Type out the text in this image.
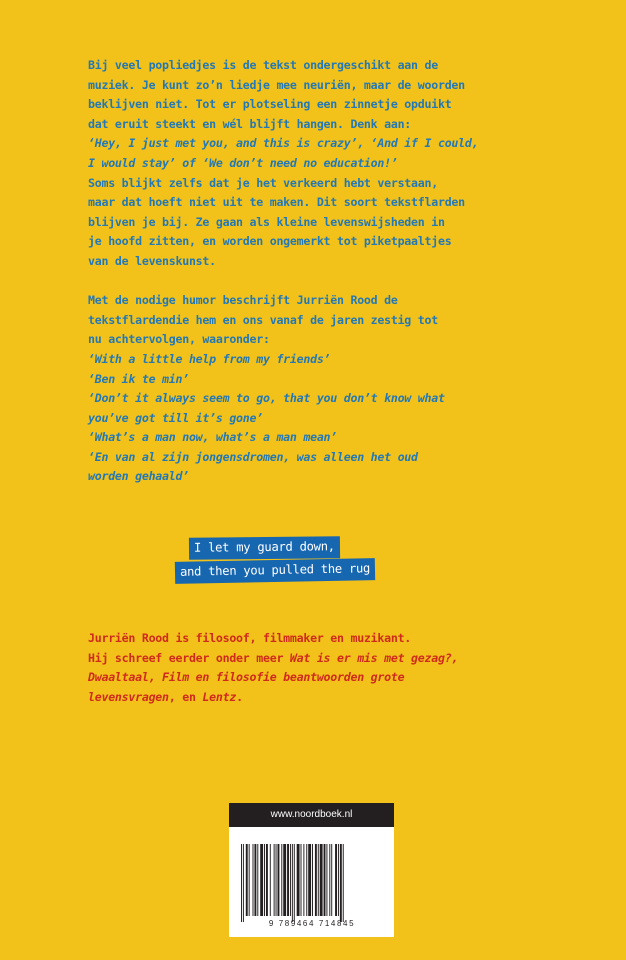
Bij veel popliedjes is de tekst ondergeschikt aan de
muziek. Je kunt zo’n liedje mee neuriën, maar de woorden
beklijven niet. Tot er plotseling een zinnetje opduikt
dat eruit steekt en wél blijft hangen. Denk aan:
‘Hey, I just met you, and this is crazy’, ‘And if I could,
I would stay’ of ‘We don’t need no education!’
Soms blijkt zelfs dat je het verkeerd hebt verstaan,
maar dat hoeft niet uit te maken. Dit soort tekstflarden
blijven je bij. Ze gaan als kleine levenswijsheden in
je hoofd zitten, en worden ongemerkt tot piketpaaltjes
van de levenskunst.

Met de nodige humor beschrijft Jurriën Rood de
tekstflardendie hem en ons vanaf de jaren zestig tot
nu achtervolgen, waaronder:
‘With a little help from my friends’
‘Ben ik te min’
‘Don’t it always seem to go, that you don’t know what
you’ve got till it’s gone’
‘What’s a man now, what’s a man mean’
‘En van al zijn jongensdromen, was alleen het oud
worden gehaald’

I let my guard down,
and then you pulled the rug
Jurriën Rood is filosoof, filmmaker en muzikant.
Hij schreef eerder onder meer Wat is er mis met gezag?,
Dwaaltaal, Film en filosofie beantwoorden grote
levensvragen, en Lentz.
www.noordboek.nl
9 789464 714845
